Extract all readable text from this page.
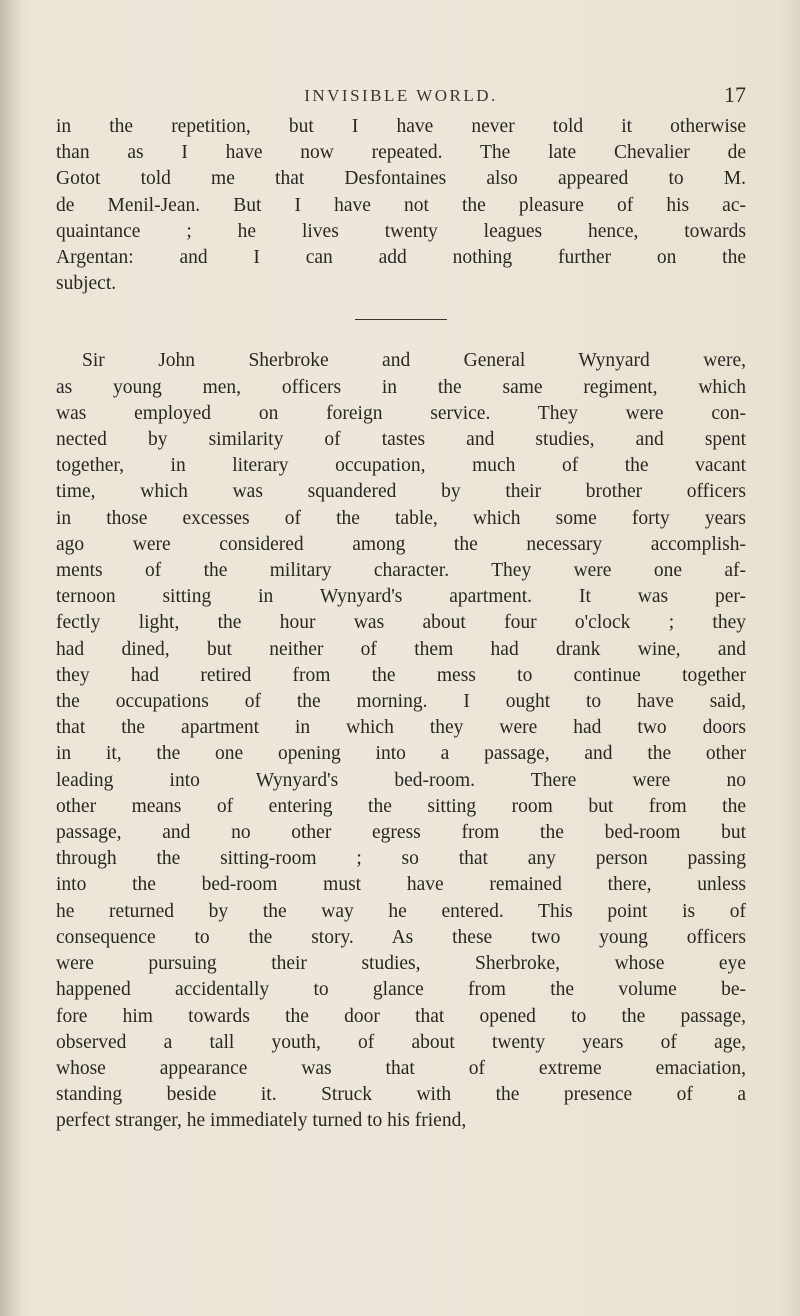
INVISIBLE WORLD.	17

in the repetition, but I have never told it otherwise
than as I have now repeated. The late Chevalier de
Gotot told me that Desfontaines also appeared to M.
de Menil-Jean. But I have not the pleasure of his ac-
quaintance ; he lives twenty leagues hence, towards
Argentan: and I can add nothing further on the
subject.

Sir John Sherbroke and General Wynyard were,
as young men, officers in the same regiment, which
was employed on foreign service. They were con-
nected by similarity of tastes and studies, and spent
together, in literary occupation, much of the vacant
time, which was squandered by their brother officers
in those excesses of the table, which some forty years
ago were considered among the necessary accomplish-
ments of the military character. They were one af-
ternoon sitting in Wynyard's apartment. It was per-
fectly light, the hour was about four o'clock ; they
had dined, but neither of them had drank wine, and
they had retired from the mess to continue together
the occupations of the morning. I ought to have said,
that the apartment in which they were had two doors
in it, the one opening into a passage, and the other
leading into Wynyard's bed-room. There were no
other means of entering the sitting room but from the
passage, and no other egress from the bed-room but
through the sitting-room ; so that any person passing
into the bed-room must have remained there, unless
he returned by the way he entered. This point is of
consequence to the story. As these two young officers
were pursuing their studies, Sherbroke, whose eye
happened accidentally to glance from the volume be-
fore him towards the door that opened to the passage,
observed a tall youth, of about twenty years of age,
whose appearance was that of extreme emaciation,
standing beside it. Struck with the presence of a
perfect stranger, he immediately turned to his friend,
